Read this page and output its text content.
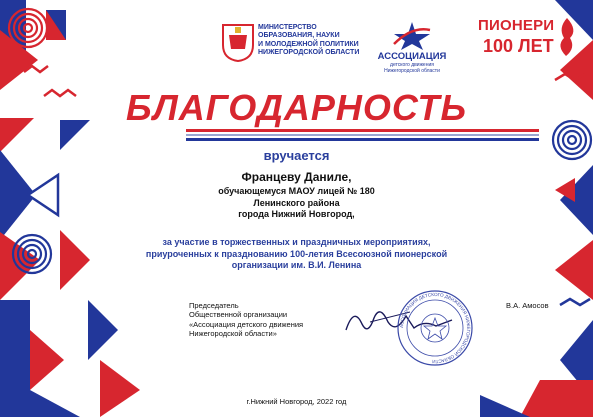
МИНИСТЕРСТВО
ОБРАЗОВАНИЯ, НАУКИ
И МОЛОДЕЖНОЙ ПОЛИТИКИ
НИЖЕГОРОДСКОЙ ОБЛАСТИ	АССОЦИАЦИЯ
детского движения
Нижегородской области
ПИОНЕРИ
100 ЛЕТ
БЛАГОДАРНОСТЬ
вручается
Францеву Даниле,
обучающемуся МАОУ лицей № 180
Ленинского района
города Нижний Новгород,
за участие в торжественных и праздничных мероприятиях,
приуроченных к празднованию 100-летия Всесоюзной пионерской
организации им. В.И. Ленина
Председатель
Общественной организации
«Ассоциация детского движения
Нижегородской области»
АССОЦИАЦИЯ ДЕТСКОГО ДВИЖЕНИЯ НИЖЕГОРОДСКОЙ ОБЛАСТИ
В.А. Амосов
г.Нижний Новгород, 2022 год
